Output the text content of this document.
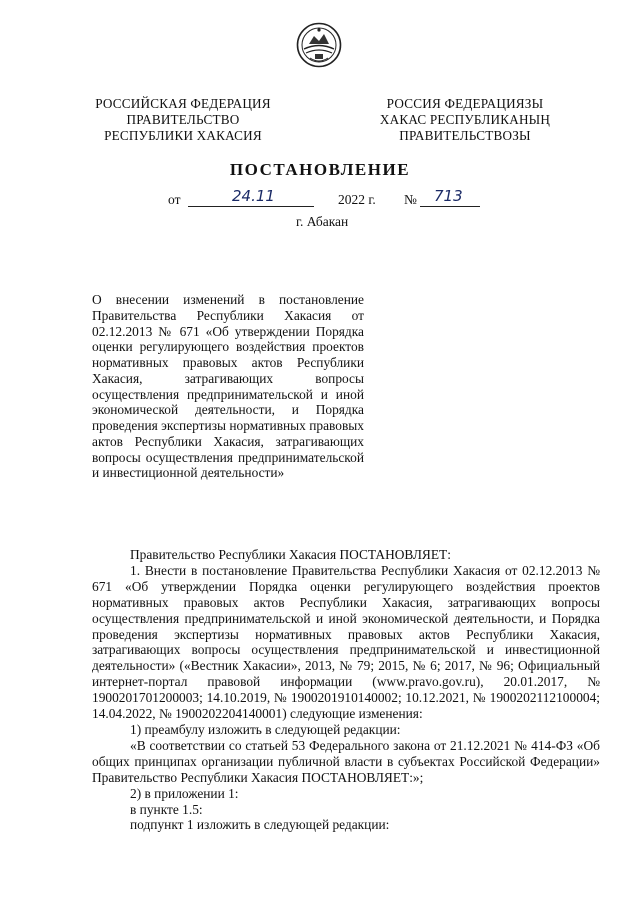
РОССИЙСКАЯ ФЕДЕРАЦИЯ
ПРАВИТЕЛЬСТВО
РЕСПУБЛИКИ ХАКАСИЯ
РОССИЯ ФЕДЕРАЦИЯЗЫ
ХАКАС РЕСПУБЛИКАНЫҢ
ПРАВИТЕЛЬСТВОЗЫ
ПОСТАНОВЛЕНИЕ
от	24.11	2022 г. № 713
г. Абакан
О внесении изменений в постановление Правительства Республики Хакасия от 02.12.2013 № 671 «Об утверждении Порядка оценки регулирующего воздействия проектов нормативных правовых актов Республики Хакасия, затрагивающих вопросы осуществления предпринимательской и иной экономической деятельности, и Порядка проведения экспертизы нормативных правовых актов Республики Хакасия, затрагивающих вопросы осуществления предпринимательской и инвестиционной деятельности»

Правительство Республики Хакасия ПОСТАНОВЛЯЕТ:

1. Внести в постановление Правительства Республики Хакасия от 02.12.2013 № 671 «Об утверждении Порядка оценки регулирующего воздействия проектов нормативных правовых актов Республики Хакасия, затрагивающих вопросы осуществления предпринимательской и иной экономической деятельности, и Порядка проведения экспертизы нормативных правовых актов Республики Хакасия, затрагивающих вопросы осуществления предпринимательской и инвестиционной деятельности» («Вестник Хакасии», 2013, № 79; 2015, № 6; 2017, № 96; Официальный интернет-портал правовой информации (www.pravo.gov.ru), 20.01.2017, № 1900201701200003; 14.10.2019, № 1900201910140002; 10.12.2021, № 1900202112100004; 14.04.2022, № 1900202204140001) следующие изменения:

1) преамбулу изложить в следующей редакции:

«В соответствии со статьей 53 Федерального закона от 21.12.2021 № 414-ФЗ «Об общих принципах организации публичной власти в субъектах Российской Федерации» Правительство Республики Хакасия ПОСТАНОВЛЯЕТ:»;

2) в приложении 1:

в пункте 1.5:

подпункт 1 изложить в следующей редакции:
